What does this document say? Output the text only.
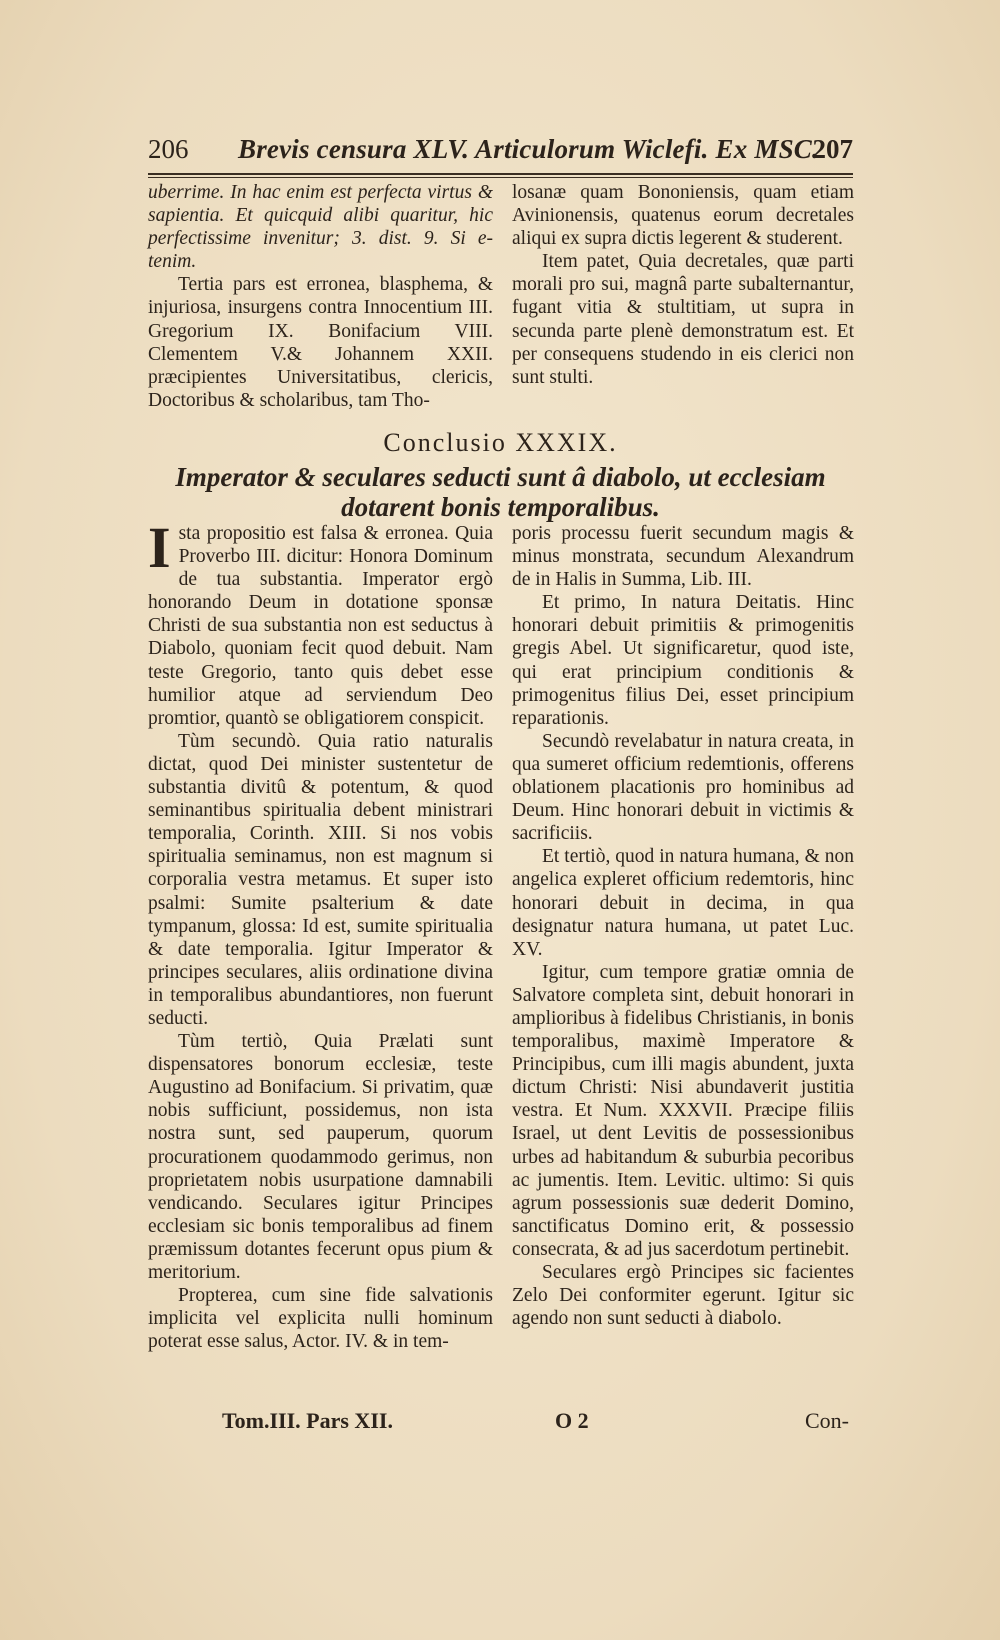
206 Brevis censura XLV. Articulorum Wiclefi. Ex MSC.
207

uberrime. In hac enim est perfecta virtus & sapientia. Et quicquid alibi quaritur, hic perfectissime invenitur; 3. dist. 9. Si e-tenim.

Tertia pars est erronea, blasphema, & injuriosa, insurgens contra Innocentium III. Gregorium IX. Bonifacium VIII. Clementem V.& Johannem XXII. præcipientes Universitatibus, clericis, Doctoribus & scholaribus, tam Tho-

losanæ quam Bononiensis, quam etiam Avinionensis, quatenus eorum decretales aliqui ex supra dictis legerent & studerent.

Item patet, Quia decretales, quæ parti morali pro sui, magnâ parte subalternantur, fugant vitia & stultitiam, ut supra in secunda parte plenè demonstratum est. Et per consequens studendo in eis clerici non sunt stulti.

Conclusio XXXIX.
Imperator & seculares seducti sunt â diabolo, ut ecclesiam dotarent bonis temporalibus.

Ista propositio est falsa & erronea. Quia Proverbo III. dicitur: Honora Dominum de tua substantia. Imperator ergò honorando Deum in dotatione sponsæ Christi de sua substantia non est seductus à Diabolo, quoniam fecit quod debuit. Nam teste Gregorio, tanto quis debet esse humilior atque ad serviendum Deo promtior, quantò se obligatiorem conspicit.

Tùm secundò. Quia ratio naturalis dictat, quod Dei minister sustentetur de substantia divitû & potentum, & quod seminantibus spiritualia debent ministrari temporalia, Corinth. XIII. Si nos vobis spiritualia seminamus, non est magnum si corporalia vestra metamus. Et super isto psalmi: Sumite psalterium & date tympanum, glossa: Id est, sumite spiritualia & date temporalia. Igitur Imperator & principes seculares, aliis ordinatione divina in temporalibus abundantiores, non fuerunt seducti.

Tùm tertiò, Quia Prælati sunt dispensatores bonorum ecclesiæ, teste Augustino ad Bonifacium. Si privatim, quæ nobis sufficiunt, possidemus, non ista nostra sunt, sed pauperum, quorum procurationem quodammodo gerimus, non proprietatem nobis usurpatione damnabili vendicando. Seculares igitur Principes ecclesiam sic bonis temporalibus ad finem præmissum dotantes fecerunt opus pium & meritorium.

Propterea, cum sine fide salvationis implicita vel explicita nulli hominum poterat esse salus, Actor. IV. & in tem-

poris processu fuerit secundum magis & minus monstrata, secundum Alexandrum de in Halis in Summa, Lib. III.

Et primo, In natura Deitatis. Hinc honorari debuit primitiis & primogenitis gregis Abel. Ut significaretur, quod iste, qui erat principium conditionis & primogenitus filius Dei, esset principium reparationis.

Secundò revelabatur in natura creata, in qua sumeret officium redemtionis, offerens oblationem placationis pro hominibus ad Deum. Hinc honorari debuit in victimis & sacrificiis.

Et tertiò, quod in natura humana, & non angelica expleret officium redemtoris, hinc honorari debuit in decima, in qua designatur natura humana, ut patet Luc. XV.

Igitur, cum tempore gratiæ omnia de Salvatore completa sint, debuit honorari in amplioribus à fidelibus Christianis, in bonis temporalibus, maximè Imperatore & Principibus, cum illi magis abundent, juxta dictum Christi: Nisi abundaverit justitia vestra. Et Num. XXXVII. Præcipe filiis Israel, ut dent Levitis de possessionibus urbes ad habitandum & suburbia pecoribus ac jumentis. Item. Levitic. ultimo: Si quis agrum possessionis suæ dederit Domino, sanctificatus Domino erit, & possessio consecrata, & ad jus sacerdotum pertinebit.

Seculares ergò Principes sic facientes Zelo Dei conformiter egerunt. Igitur sic agendo non sunt seducti à diabolo.

Tom.III. Pars XII.	O 2	Con-
